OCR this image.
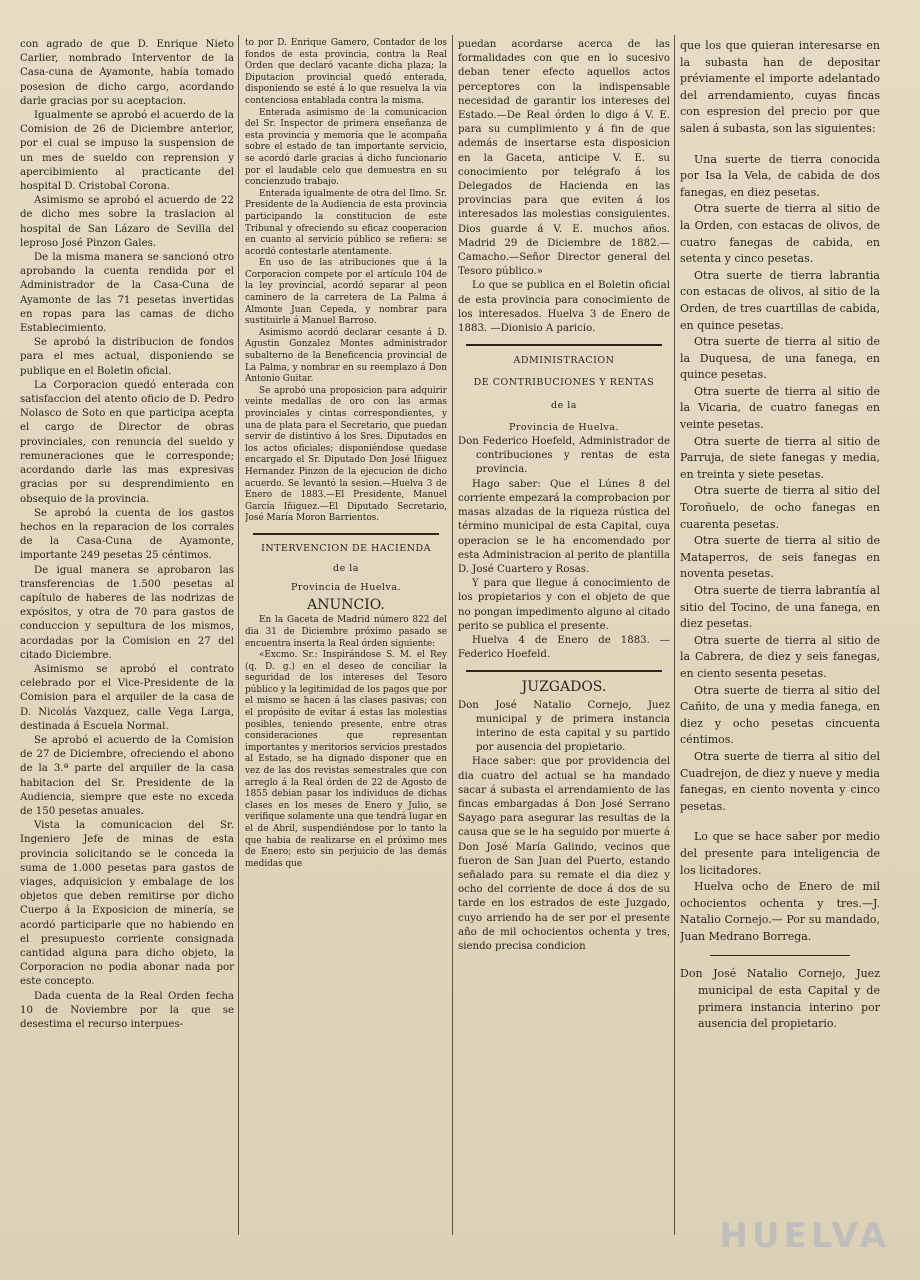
con agrado de que D. Enrique Nieto Carlier, nombrado Interventor de la Casa-cuna de Ayamonte, había tomado posesion de dicho cargo, acordando darle gracias por su aceptacion.

Igualmente se aprobó el acuerdo de la Comision de 26 de Diciembre anterior, por el cual se impuso la suspension de un mes de sueldo con reprension y apercibimiento al practicante del hospital D. Cristobal Corona.

Asimismo se aprobó el acuerdo de 22 de dicho mes sobre la traslacion al hospital de San Lázaro de Sevilla del leproso José Pinzon Gales.

De la misma manera se sancionó otro aprobando la cuenta rendida por el Administrador de la Casa-Cuna de Ayamonte de las 71 pesetas invertidas en ropas para las camas de dicho Establecimiento.

Se aprobó la distribucion de fondos para el mes actual, disponiendo se publique en el Boletin oficial.

La Corporacion quedó enterada con satisfaccion del atento oficio de D. Pedro Nolasco de Soto en que participa acepta el cargo de Director de obras provinciales, con renuncia del sueldo y remuneraciones que le corresponde; acordando darle las mas expresivas gracias por su desprendimiento en obsequio de la provincia.

Se aprobó la cuenta de los gastos hechos en la reparacion de los corrales de la Casa-Cuna de Ayamonte, importante 249 pesetas 25 céntimos.

De igual manera se aprobaron las transferencias de 1.500 pesetas al capítulo de haberes de las nodrizas de expósitos, y otra de 70 para gastos de conduccion y sepultura de los mismos, acordadas por la Comision en 27 del citado Diciembre.

Asimismo se aprobó el contrato celebrado por el Vice-Presidente de la Comision para el arquiler de la casa de D. Nicolás Vazquez, calle Vega Larga, destinada á Escuela Normal.

Se aprobó el acuerdo de la Comision de 27 de Diciembre, ofreciendo el abono de la 3.ª parte del arquiler de la casa habitacion del Sr. Presidente de la Audiencia, siempre que este no exceda de 150 pesetas anuales.

Vista la comunicacion del Sr. Ingeniero Jefe de minas de esta provincia solicitando se le conceda la suma de 1.000 pesetas para gastos de viages, adquisicion y embalage de los objetos que deben remitirse por dicho Cuerpo á la Exposicion de minería, se acordó participarle que no habiendo en el presupuesto corriente consignada cantidad alguna para dicho objeto, la Corporacion no podia abonar nada por este concepto.

Dada cuenta de la Real Orden fecha 10 de Noviembre por la que se desestima el recurso interpues-

to por D. Enrique Gamero, Contador de los fondos de esta provincia, contra la Real Orden que declaró vacante dicha plaza; la Diputacion provincial quedó enterada, disponiendo se esté á lo que resuelva la via contenciosa entablada contra la misma.

Enterada asimismo de la comunicacion del Sr. Inspector de primera enseñanza de esta provincia y memoria que le acompaña sobre el estado de tan importante servicio, se acordó darle gracias á dicho funcionario por el laudable celo que demuestra en su concienzudo trabajo.

Enterada igualmente de otra del Ilmo. Sr. Presidente de la Audiencia de esta provincia participando la constitucion de este Tribunal y ofreciendo su eficaz cooperacion en cuanto al servicio público se refiera: se acordó contestarle atentamente.

En uso de las atribuciones que á la Corporacion compete por el artículo 104 de la ley provincial, acordó separar al peon caminero de la carretera de La Palma á Almonte Juan Cepeda, y nombrar para sustituirle á Manuel Barroso.

Asimismo acordó declarar cesante á D. Agustin Gonzalez Montes administrador subalterno de la Beneficencia provincial de La Palma, y nombrar en su reemplazo á Don Antonio Guitar.

Se aprobó una proposicion para adquirir veinte medallas de oro con las armas provinciales y cintas correspondientes, y una de plata para el Secretario, que puedan servir de distintivo á los Sres. Diputados en los actos oficiales; disponiéndose quedase encargado el Sr. Diputado Don José Iñiguez Hernandez Pinzon de la ejecucion de dicho acuerdo. Se levantó la sesion.—Huelva 3 de Enero de 1883.—El Presidente, Manuel García Iñiguez.—El Diputado Secretario, José María Moron Barrientos.

INTERVENCION DE HACIENDA
de la
Provincia de Huelva.
ANUNCIO.

En la Gaceta de Madrid número 822 del dia 31 de Diciembre próximo pasado se encuentra inserta la Real órden siguiente:

«Excmo. Sr.: Inspirándose S. M. el Rey (q. D. g.) en el deseo de conciliar la seguridad de los intereses del Tesoro público y la legitimidad de los pagos que por el mismo se hacen á las clases pasivas; con el propósito de evitar á estas las molestias posibles, teniendo presente, entre otras consideraciones que representan importantes y meritorios servicios prestados al Estado, se ha dignado disponer que en vez de las dos revistas semestrales que con arreglo á la Real órden de 22 de Agosto de 1855 debian pasar los individuos de dichas clases en los meses de Enero y Julio, se verifique solamente una que tendrá lugar en el de Abril, suspendiéndose por lo tanto la que habia de realizarse en el próximo mes de Enero; esto sin perjuicio de las demás medidas que

puedan acordarse acerca de las formalidades con que en lo sucesivo deban tener efecto aquellos actos perceptores con la indispensable necesidad de garantir los intereses del Estado.—De Real órden lo digo á V. E. para su cumplimiento y á fin de que además de insertarse esta disposicion en la Gaceta, anticipe V. E. su conocimiento por telégrafo á los Delegados de Hacienda en las provincias para que eviten á los interesados las molestias consiguientes. Dios guarde á V. E. muchos años. Madrid 29 de Diciembre de 1882.—Camacho.—Señor Director general del Tesoro público.»

Lo que se publica en el Boletin oficial de esta provincia para conocimiento de los interesados. Huelva 3 de Enero de 1883. —Dionisio A paricio.

ADMINISTRACION
DE CONTRIBUCIONES Y RENTAS
de la
Provincia de Huelva.

Don Federico Hoefeld, Administrador de contribuciones y rentas de esta provincia.

Hago saber: Que el Lúnes 8 del corriente empezará la comprobacion por masas alzadas de la riqueza rústica del término municipal de esta Capital, cuya operacion se le ha encomendado por esta Administracion al perito de plantilla D. José Cuartero y Rosas.

Y para que llegue á conocimiento de los propietarios y con el objeto de que no pongan impedimento alguno al citado perito se publica el presente.

Huelva 4 de Enero de 1883. —Federico Hoefeld.

JUZGADOS.

Don José Natalio Cornejo, Juez municipal y de primera instancia interino de esta capital y su partido por ausencia del propietario.

Hace saber: que por providencia del dia cuatro del actual se ha mandado sacar á subasta el arrendamiento de las fincas embargadas á Don José Serrano Sayago para asegurar las resultas de la causa que se le ha seguido por muerte á Don José María Galindo, vecinos que fueron de San Juan del Puerto, estando señalado para su remate el dia diez y ocho del corriente de doce á dos de su tarde en los estrados de este Juzgado, cuyo arriendo ha de ser por el presente año de mil ochocientos ochenta y tres, siendo precisa condicion

que los que quieran interesarse en la subasta han de depositar préviamente el importe adelantado del arrendamiento, cuyas fincas con espresion del precio por que salen á subasta, son las siguientes:

Una suerte de tierra conocida por Isa la Vela, de cabida de dos fanegas, en diez pesetas.

Otra suerte de tierra al sitio de la Orden, con estacas de olivos, de cuatro fanegas de cabida, en setenta y cinco pesetas.

Otra suerte de tierra labrantia con estacas de olivos, al sitio de la Orden, de tres cuartillas de cabida, en quince pesetas.

Otra suerte de tierra al sitio de la Duquesa, de una fanega, en quince pesetas.

Otra suerte de tierra al sitio de la Vicaria, de cuatro fanegas en veinte pesetas.

Otra suerte de tierra al sitio de Parruja, de siete fanegas y media, en treinta y siete pesetas.

Otra suerte de tierra al sitio del Toroñuelo, de ocho fanegas en cuarenta pesetas.

Otra suerte de tierra al sitio de Mataperros, de seis fanegas en noventa pesetas.

Otra suerte de tierra labrantía al sitio del Tocino, de una fanega, en diez pesetas.

Otra suerte de tierra al sitio de la Cabrera, de diez y seis fanegas, en ciento sesenta pesetas.

Otra suerte de tierra al sitio del Cañito, de una y media fanega, en diez y ocho pesetas cincuenta céntimos.

Otra suerte de tierra al sitio del Cuadrejon, de diez y nueve y media fanegas, en ciento noventa y cinco pesetas.

Lo que se hace saber por medio del presente para inteligencia de los licitadores.

Huelva ocho de Enero de mil ochocientos ochenta y tres.—J. Natalio Cornejo.— Por su mandado, Juan Medrano Borrega.

Don José Natalio Cornejo, Juez municipal de esta Capital y de primera instancia interino por ausencia del propietario.

HUELVA
